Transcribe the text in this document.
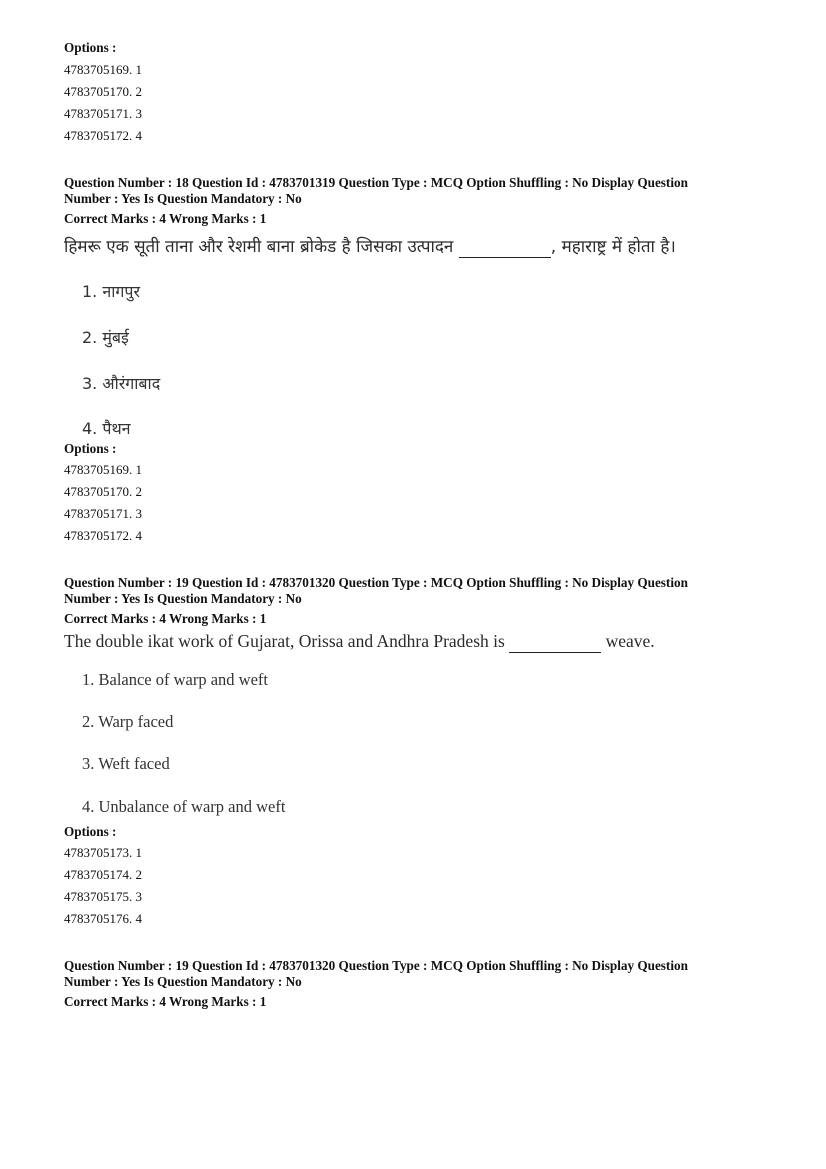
Options :
4783705169. 1
4783705170. 2
4783705171. 3
4783705172. 4
Question Number : 18 Question Id : 4783701319 Question Type : MCQ Option Shuffling : No Display Question
Number : Yes Is Question Mandatory : No
Correct Marks : 4 Wrong Marks : 1
हिमरू एक सूती ताना और रेशमी बाना ब्रोकेड है जिसका उत्पादन	, महाराष्ट्र में होता है।
1. नागपुर
2. मुंबई
3. औरंगाबाद
4. पैथन
Options :
4783705169. 1
4783705170. 2
4783705171. 3
4783705172. 4
Question Number : 19 Question Id : 4783701320 Question Type : MCQ Option Shuffling : No Display Question
Number : Yes Is Question Mandatory : No
Correct Marks : 4 Wrong Marks : 1
The double ikat work of Gujarat, Orissa and Andhra Pradesh is	weave.
1. Balance of warp and weft
2. Warp faced
3. Weft faced
4. Unbalance of warp and weft
Options :
4783705173. 1
4783705174. 2
4783705175. 3
4783705176. 4
Question Number : 19 Question Id : 4783701320 Question Type : MCQ Option Shuffling : No Display Question
Number : Yes Is Question Mandatory : No
Correct Marks : 4 Wrong Marks : 1
